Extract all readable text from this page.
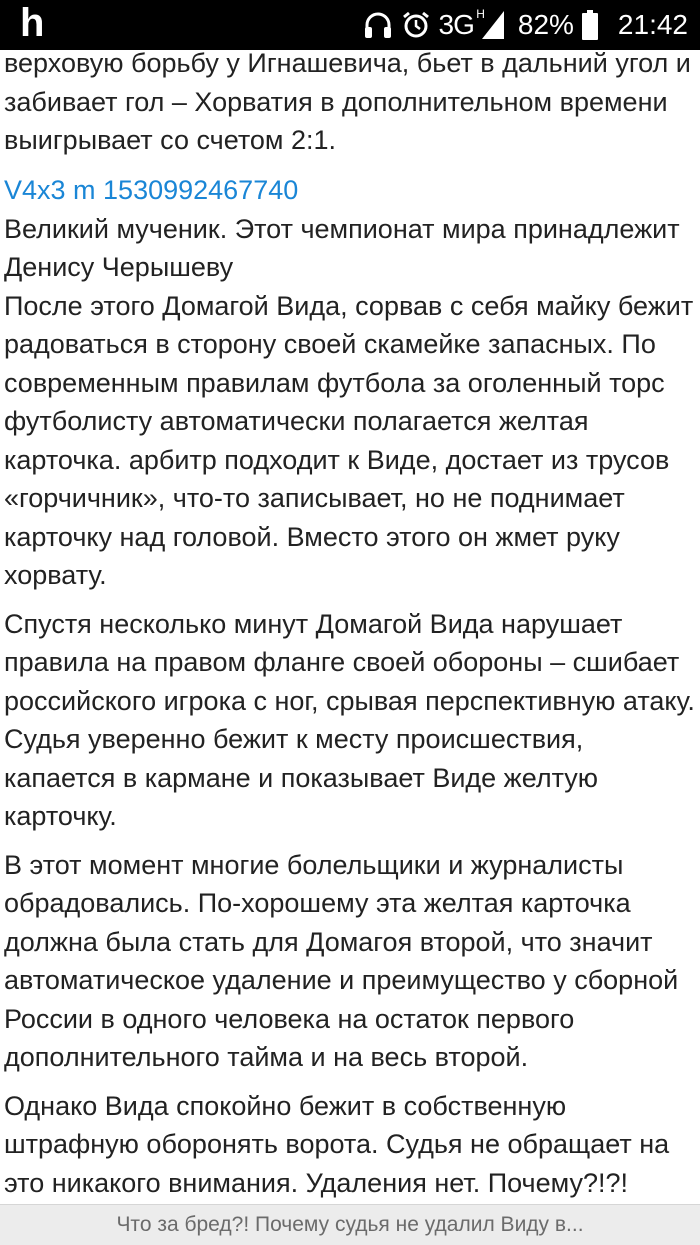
h	3G H 82% 21:42

верховую борьбу у Игнашевича, бьет в дальний угол и забивает гол – Хорватия в дополнительном времени выигрывает со счетом 2:1.

V4x3 m 1530992467740

Великий мученик. Этот чемпионат мира принадлежит Денису Черышеву

После этого Домагой Вида, сорвав с себя майку бежит радоваться в сторону своей скамейке запасных. По современным правилам футбола за оголенный торс футболисту автоматически полагается желтая карточка. арбитр подходит к Виде, достает из трусов «горчичник», что-то записывает, но не поднимает карточку над головой. Вместо этого он жмет руку хорвату.

Спустя несколько минут Домагой Вида нарушает правила на правом фланге своей обороны – сшибает российского игрока с ног, срывая перспективную атаку. Судья уверенно бежит к месту происшествия, капается в кармане и показывает Виде желтую карточку.

В этот момент многие болельщики и журналисты обрадовались. По-хорошему эта желтая карточка должна была стать для Домагоя второй, что значит автоматическое удаление и преимущество у сборной России в одного человека на остаток первого дополнительного тайма и на весь второй.

Однако Вида спокойно бежит в собственную штрафную оборонять ворота. Судья не обращает на это никакого внимания. Удаления нет. Почему?!?!

Что за бред?! Почему судья не удалил Виду в...
